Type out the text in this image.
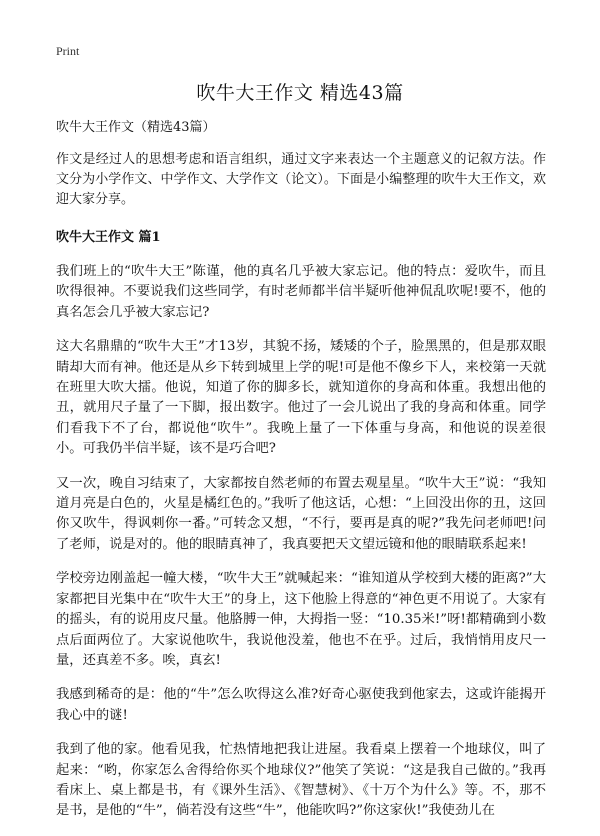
Print
吹牛大王作文 精选43篇

吹牛大王作文（精选43篇）

作文是经过人的思想考虑和语言组织，通过文字来表达一个主题意义的记叙方法。作文分为小学作文、中学作文、大学作文（论文）。下面是小编整理的吹牛大王作文，欢迎大家分享。

吹牛大王作文 篇1

我们班上的“吹牛大王”陈谨，他的真名几乎被大家忘记。他的特点：爱吹牛，而且吹得很神。不要说我们这些同学，有时老师都半信半疑听他神侃乱吹呢!要不，他的真名怎会几乎被大家忘记?

这大名鼎鼎的“吹牛大王”才13岁，其貌不扬，矮矮的个子，脸黑黑的，但是那双眼睛却大而有神。他还是从乡下转到城里上学的呢!可是他不像乡下人，来校第一天就在班里大吹大擂。他说，知道了你的脚多长，就知道你的身高和体重。我想出他的丑，就用尺子量了一下脚，报出数字。他过了一会儿说出了我的身高和体重。同学们看我下不了台，都说他“吹牛”。我晚上量了一下体重与身高，和他说的误差很小。可我仍半信半疑，该不是巧合吧?

又一次，晚自习结束了，大家都按自然老师的布置去观星星。“吹牛大王”说：“我知道月亮是白色的，火星是橘红色的。”我听了他这话，心想：“上回没出你的丑，这回你又吹牛，得讽刺你一番。”可转念又想，“不行，要再是真的呢?”我先问老师吧!问了老师，说是对的。他的眼睛真神了，我真要把天文望远镜和他的眼睛联系起来!

学校旁边刚盖起一幢大楼，“吹牛大王”就喊起来：“谁知道从学校到大楼的距离?”大家都把目光集中在“吹牛大王”的身上，这下他脸上得意的“神色更不用说了。大家有的摇头，有的说用皮尺量。他胳膊一伸，大拇指一竖：“10.35米!”呀!都精确到小数点后面两位了。大家说他吹牛，我说他没羞，他也不在乎。过后，我悄悄用皮尺一量，还真差不多。唉，真玄!

我感到稀奇的是：他的“牛”怎么吹得这么准?好奇心驱使我到他家去，这或许能揭开我心中的谜!

我到了他的家。他看见我，忙热情地把我让进屋。我看桌上摆着一个地球仪，叫了起来：“哟，你家怎么舍得给你买个地球仪?”他笑了笑说：“这是我自己做的。”我再看床上、桌上都是书，有《课外生活》、《智慧树》、《十万个为什么》等。不，那不是书，是他的“牛”，倘若没有这些“牛”，他能吹吗?”你这家伙!”我使劲儿在
